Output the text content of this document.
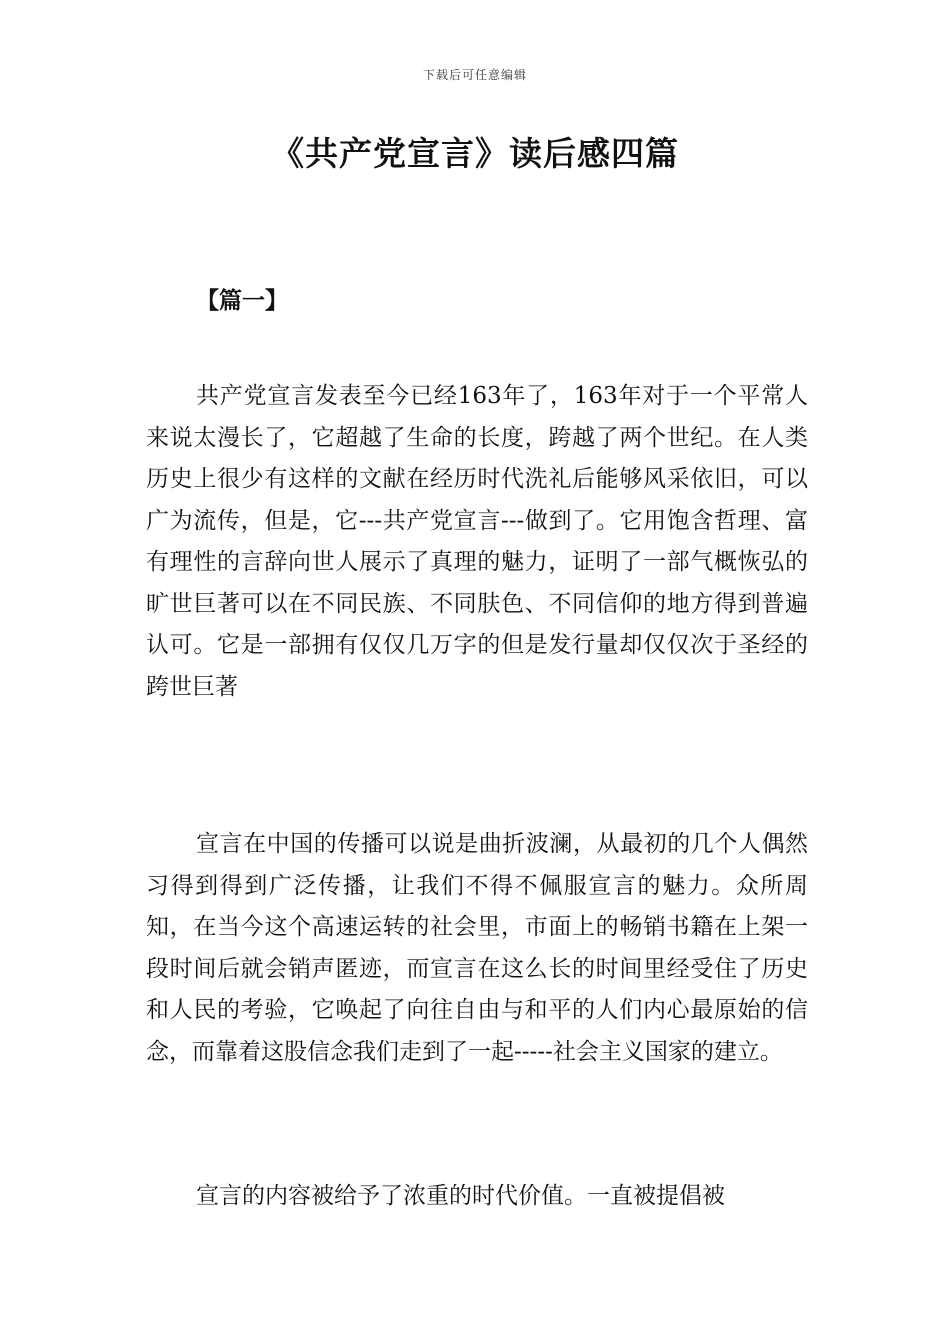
下载后可任意编辑
《共产党宣言》读后感四篇
【篇一】
共产党宣言发表至今已经163年了，163年对于一个平常人来说太漫长了，它超越了生命的长度，跨越了两个世纪。在人类历史上很少有这样的文献在经历时代洗礼后能够风采依旧，可以广为流传，但是，它---共产党宣言---做到了。它用饱含哲理、富有理性的言辞向世人展示了真理的魅力，证明了一部气概恢弘的旷世巨著可以在不同民族、不同肤色、不同信仰的地方得到普遍认可。它是一部拥有仅仅几万字的但是发行量却仅仅次于圣经的跨世巨著
宣言在中国的传播可以说是曲折波澜，从最初的几个人偶然习得到得到广泛传播，让我们不得不佩服宣言的魅力。众所周知，在当今这个高速运转的社会里，市面上的畅销书籍在上架一段时间后就会销声匿迹，而宣言在这么长的时间里经受住了历史和人民的考验，它唤起了向往自由与和平的人们内心最原始的信念，而靠着这股信念我们走到了一起-----社会主义国家的建立。
宣言的内容被给予了浓重的时代价值。一直被提倡被
